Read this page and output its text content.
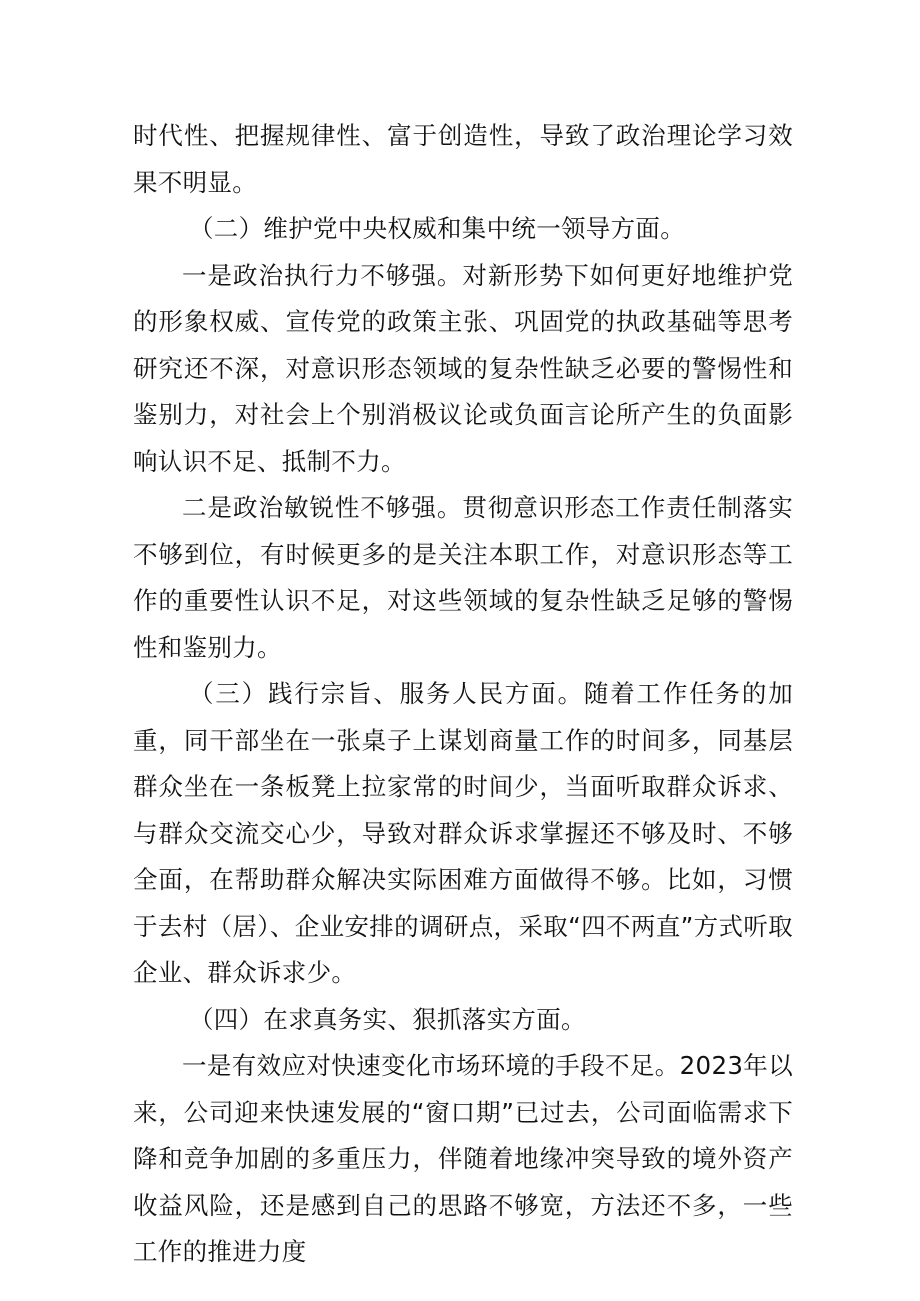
时代性、把握规律性、富于创造性，导致了政治理论学习效果不明显。

（二）维护党中央权威和集中统一领导方面。

一是政治执行力不够强。对新形势下如何更好地维护党的形象权威、宣传党的政策主张、巩固党的执政基础等思考研究还不深，对意识形态领域的复杂性缺乏必要的警惕性和鉴别力，对社会上个别消极议论或负面言论所产生的负面影响认识不足、抵制不力。

二是政治敏锐性不够强。贯彻意识形态工作责任制落实不够到位，有时候更多的是关注本职工作，对意识形态等工作的重要性认识不足，对这些领域的复杂性缺乏足够的警惕性和鉴别力。

（三）践行宗旨、服务人民方面。随着工作任务的加重，同干部坐在一张桌子上谋划商量工作的时间多，同基层群众坐在一条板凳上拉家常的时间少，当面听取群众诉求、与群众交流交心少，导致对群众诉求掌握还不够及时、不够全面，在帮助群众解决实际困难方面做得不够。比如，习惯于去村（居）、企业安排的调研点，采取“四不两直”方式听取企业、群众诉求少。

（四）在求真务实、狠抓落实方面。

一是有效应对快速变化市场环境的手段不足。2023年以来，公司迎来快速发展的“窗口期”已过去，公司面临需求下降和竞争加剧的多重压力，伴随着地缘冲突导致的境外资产收益风险，还是感到自己的思路不够宽，方法还不多，一些工作的推进力度
